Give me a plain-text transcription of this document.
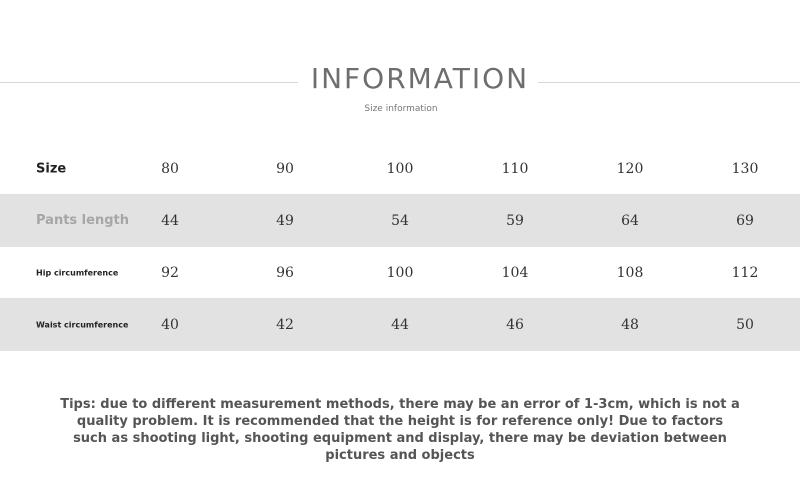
INFORMATION
Size information
Size	80	90	100	110	120	130
Pants length	44	49	54	59	64	69
Hip circumference	92	96	100	104	108	112
Waist circumference	40	42	44	46	48	50
Tips: due to different measurement methods, there may be an error of 1-3cm, which is not a quality problem. It is recommended that the height is for reference only! Due to factors such as shooting light, shooting equipment and display, there may be deviation between pictures and objects
